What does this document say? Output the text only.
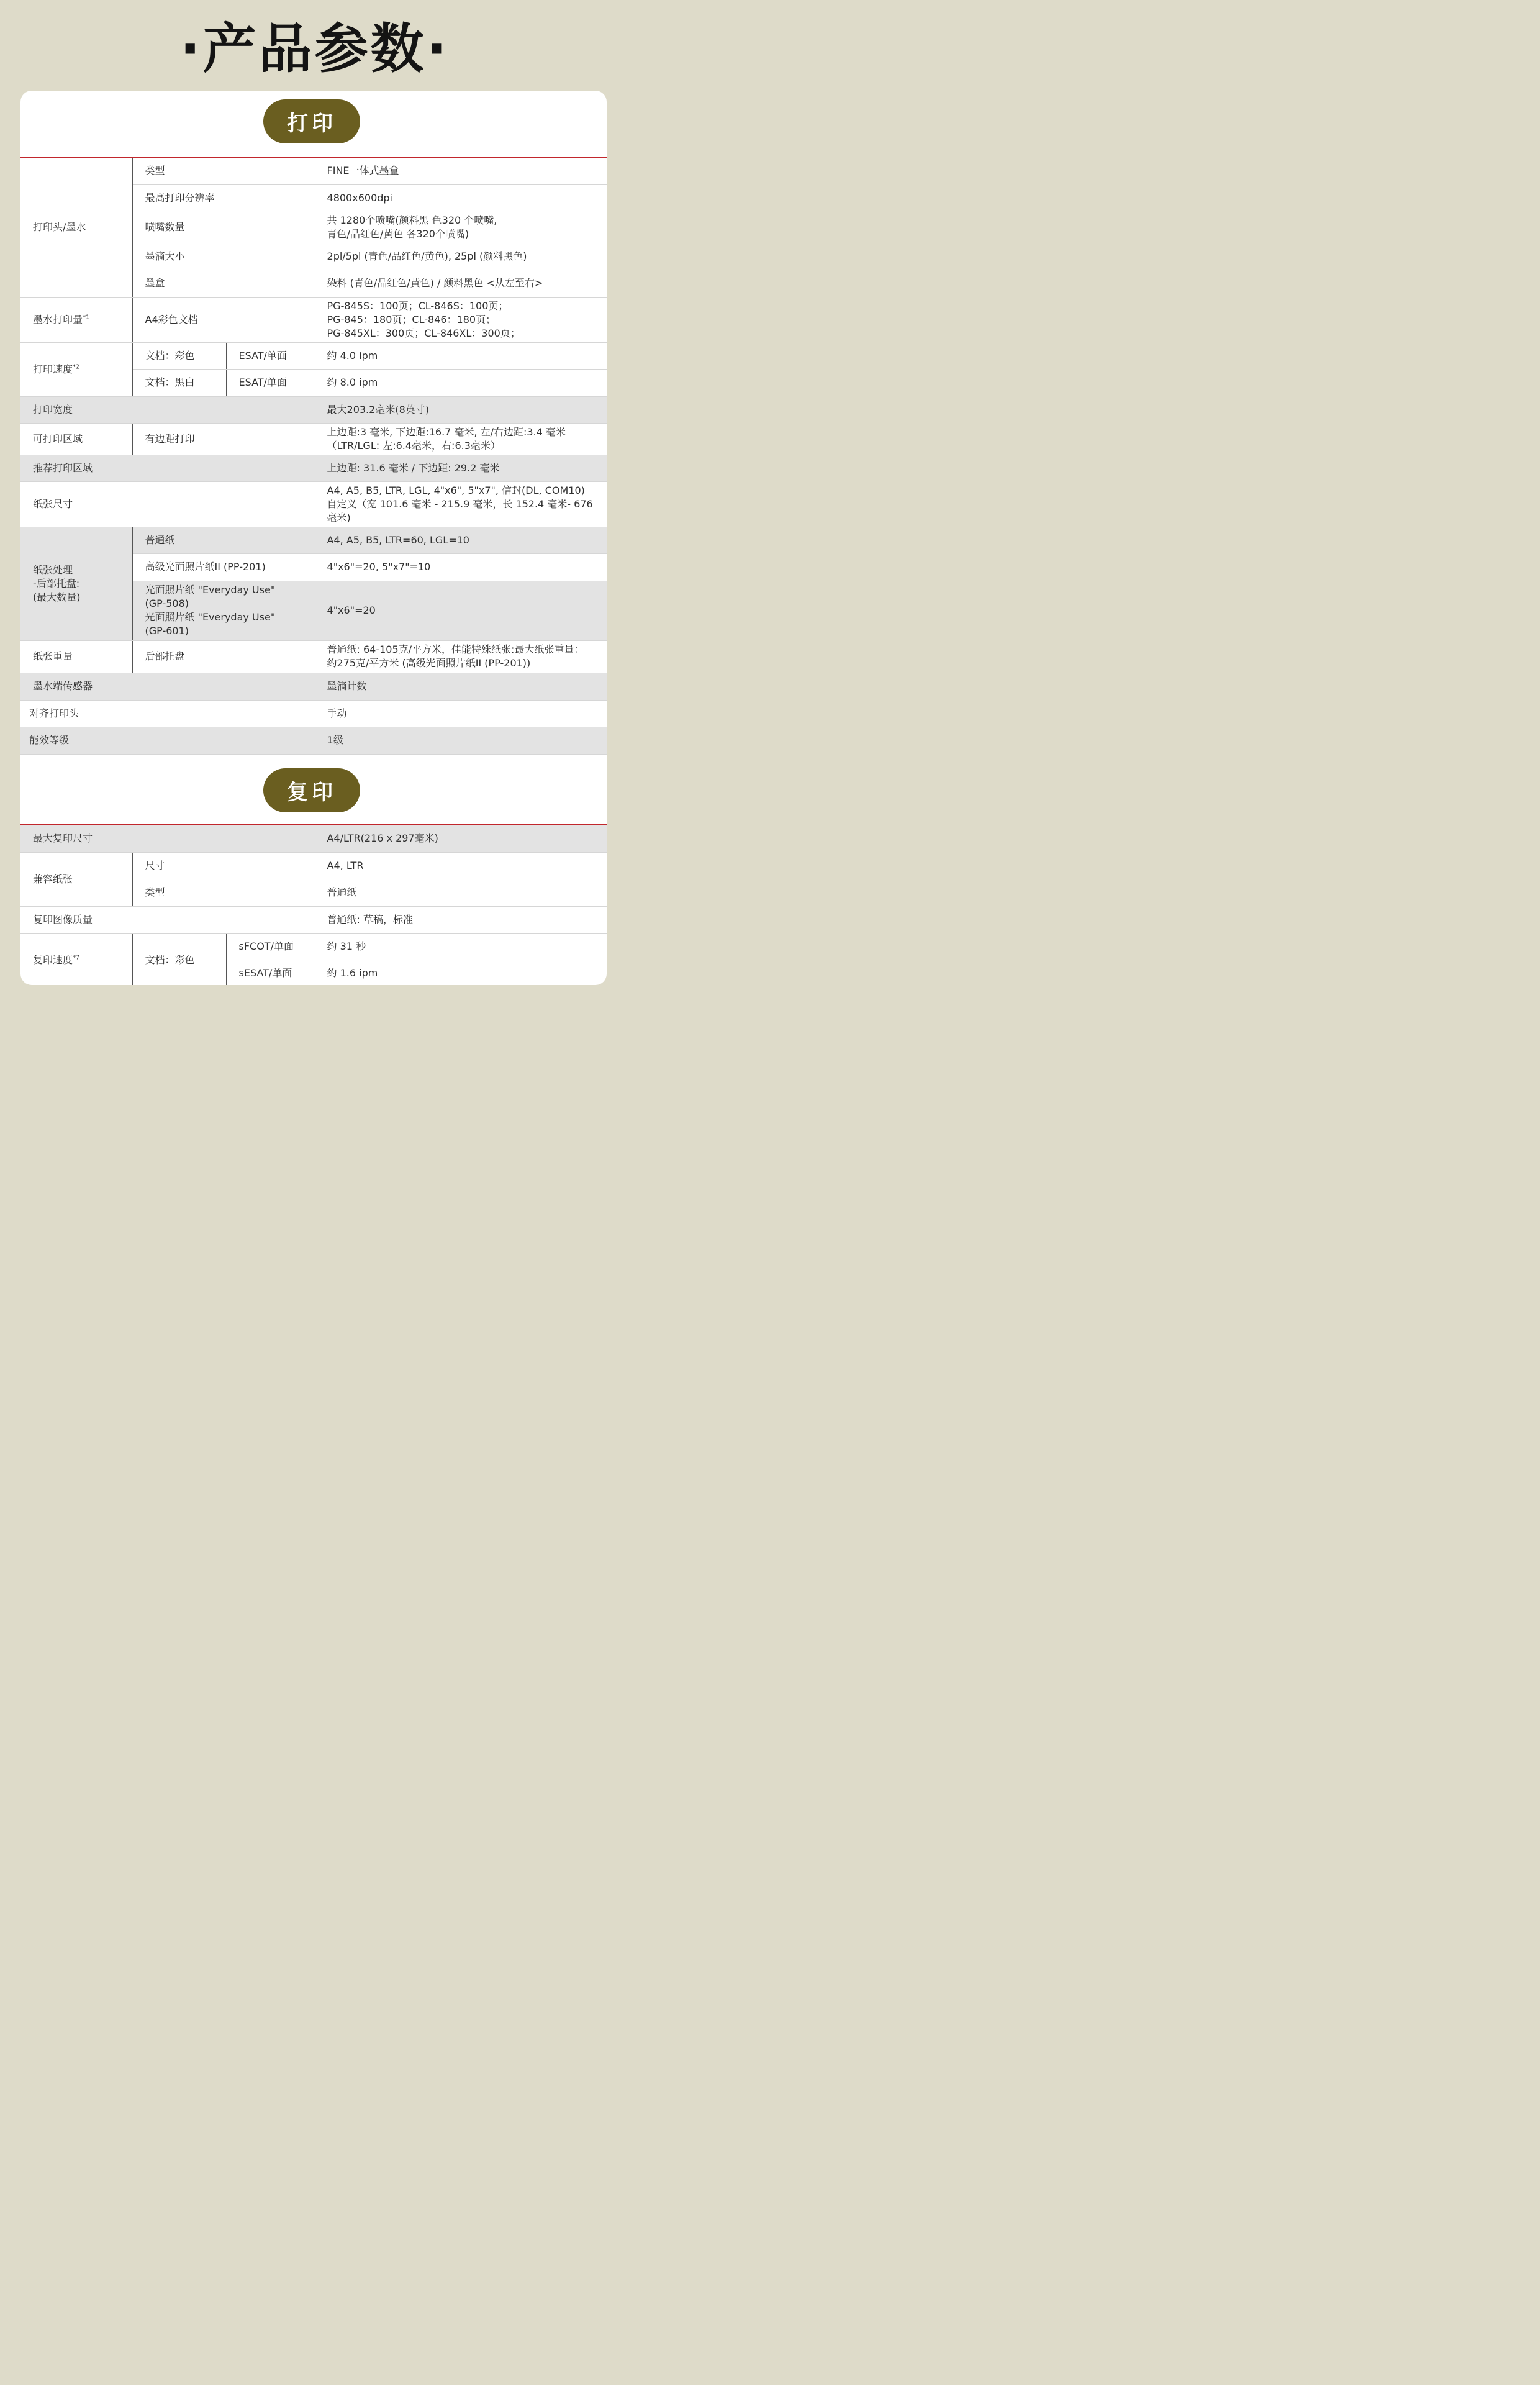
·产品参数·
打印
打印头/墨水	类型		FINE一体式墨盒
	最高打印分辨率		4800x600dpi
	喷嘴数量		共 1280个喷嘴(颜料黑 色320 个喷嘴,
青色/品红色/黄色 各320个喷嘴)

	墨滴大小		2pl/5pl (青色/品红色/黄色), 25pl (颜料黑色)
	墨盒		染料 (青色/品红色/黄色) / 颜料黑色 <从左至右>
墨水打印量$^{*1}$	A4彩色文档		PG-845S：100页；CL-846S：100页；
PG-845：180页；CL-846：180页；
PG-845XL：300页；CL-846XL：300页；

打印速度$^{*2}$	文档：彩色	ESAT/单面	约 4.0 ipm
	文档：黑白	ESAT/单面	约 8.0 ipm
打印宽度			最大203.2毫米(8英寸)
可打印区域	有边距打印		上边距:3 毫米, 下边距:16.7 毫米, 左/右边距:3.4 毫米
（LTR/LGL: 左:6.4毫米，右:6.3毫米）

推荐打印区域			上边距: 31.6 毫米 / 下边距: 29.2 毫米
纸张尺寸			A4, A5, B5, LTR, LGL, 4"x6", 5"x7", 信封(DL, COM10)
自定义（宽 101.6 毫米 - 215.9 毫米，长 152.4 毫米- 676
毫米)

纸张处理
-后部托盘:
(最大数量)	普通纸		A4, A5, B5, LTR=60, LGL=10
	高级光面照片纸II (PP-201)		4"x6"=20, 5"x7"=10

	光面照片纸 "Everyday Use"
(GP-508)
光面照片纸 "Everyday Use"
(GP-601)		4"x6"=20
纸张重量	后部托盘		普通纸: 64-105克/平方米，佳能特殊纸张:最大纸张重量：
约275克/平方米 (高级光面照片纸II (PP-201))

墨水端传感器			墨滴计数
对齐打印头			手动
能效等级			1级
复印
最大复印尺寸			A4/LTR(216 x 297毫米)
兼容纸张	尺寸		A4, LTR
	类型		普通纸
复印图像质量			普通纸: 草稿，标准
复印速度$^{*7}$	文档：彩色	sFCOT/单面	约 31 秒
		sESAT/单面	约 1.6 ipm
